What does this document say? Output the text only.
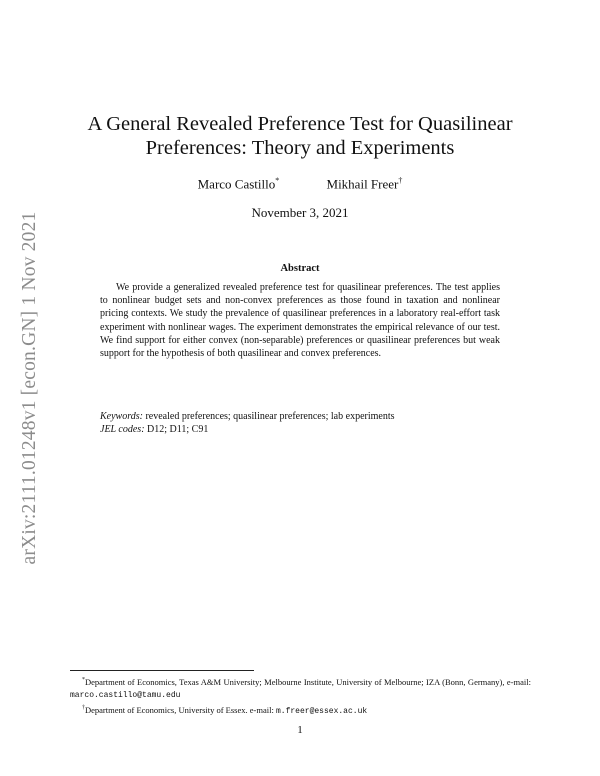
arXiv:2111.01248v1 [econ.GN] 1 Nov 2021
A General Revealed Preference Test for Quasilinear Preferences: Theory and Experiments
Marco Castillo*	Mikhail Freer†
November 3, 2021
Abstract

We provide a generalized revealed preference test for quasilinear preferences. The test applies to nonlinear budget sets and non-convex preferences as those found in taxation and nonlinear pricing contexts. We study the prevalence of quasilinear preferences in a laboratory real-effort task experiment with nonlinear wages. The experiment demonstrates the empirical relevance of our test. We find support for either convex (non-separable) preferences or quasilinear preferences but weak support for the hypothesis of both quasilinear and convex preferences.

Keywords: revealed preferences; quasilinear preferences; lab experiments
JEL codes: D12; D11; C91

*Department of Economics, Texas A&M University; Melbourne Institute, University of Melbourne; IZA (Bonn, Germany), e-mail: marco.castillo@tamu.edu

†Department of Economics, University of Essex. e-mail: m.freer@essex.ac.uk

1
